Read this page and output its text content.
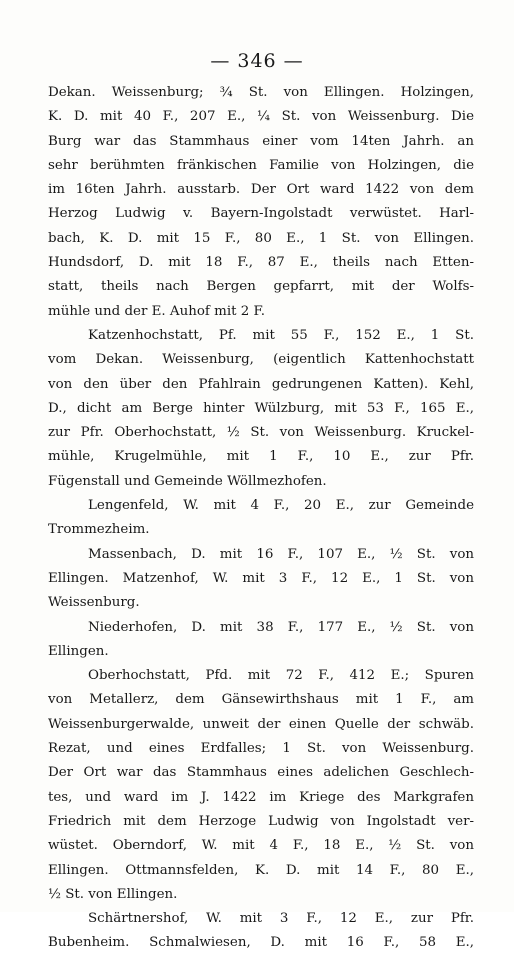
— 346 —
Dekan. Weissenburg; ¾ St. von Ellingen. Holzingen,
K. D. mit 40 F., 207 E., ¼ St. von Weissenburg. Die
Burg war das Stammhaus einer vom 14ten Jahrh. an
sehr berühmten fränkischen Familie von Holzingen, die
im 16ten Jahrh. ausstarb. Der Ort ward 1422 von dem
Herzog Ludwig v. Bayern-Ingolstadt verwüstet. Harl-
bach, K. D. mit 15 F., 80 E., 1 St. von Ellingen.
Hundsdorf, D. mit 18 F., 87 E., theils nach Etten-
statt, theils nach Bergen gepfarrt, mit der Wolfs-
mühle und der E. Auhof mit 2 F.
Katzenhochstatt, Pf. mit 55 F., 152 E., 1 St.
vom Dekan. Weissenburg, (eigentlich Kattenhochstatt
von den über den Pfahlrain gedrungenen Katten). Kehl,
D., dicht am Berge hinter Wülzburg, mit 53 F., 165 E.,
zur Pfr. Oberhochstatt, ½ St. von Weissenburg. Kruckel-
mühle, Krugelmühle, mit 1 F., 10 E., zur Pfr.
Fügenstall und Gemeinde Wöllmezhofen.
Lengenfeld, W. mit 4 F., 20 E., zur Gemeinde
Trommezheim.
Massenbach, D. mit 16 F., 107 E., ½ St. von
Ellingen. Matzenhof, W. mit 3 F., 12 E., 1 St. von
Weissenburg.
Niederhofen, D. mit 38 F., 177 E., ½ St. von
Ellingen.
Oberhochstatt, Pfd. mit 72 F., 412 E.; Spuren
von Metallerz, dem Gänsewirthshaus mit 1 F., am
Weissenburgerwalde, unweit der einen Quelle der schwäb.
Rezat, und eines Erdfalles; 1 St. von Weissenburg.
Der Ort war das Stammhaus eines adelichen Geschlech-
tes, und ward im J. 1422 im Kriege des Markgrafen
Friedrich mit dem Herzoge Ludwig von Ingolstadt ver-
wüstet. Oberndorf, W. mit 4 F., 18 E., ½ St. von
Ellingen. Ottmannsfelden, K. D. mit 14 F., 80 E.,
½ St. von Ellingen.
Schärtnershof, W. mit 3 F., 12 E., zur Pfr.
Bubenheim. Schmalwiesen, D. mit 16 F., 58 E.,
